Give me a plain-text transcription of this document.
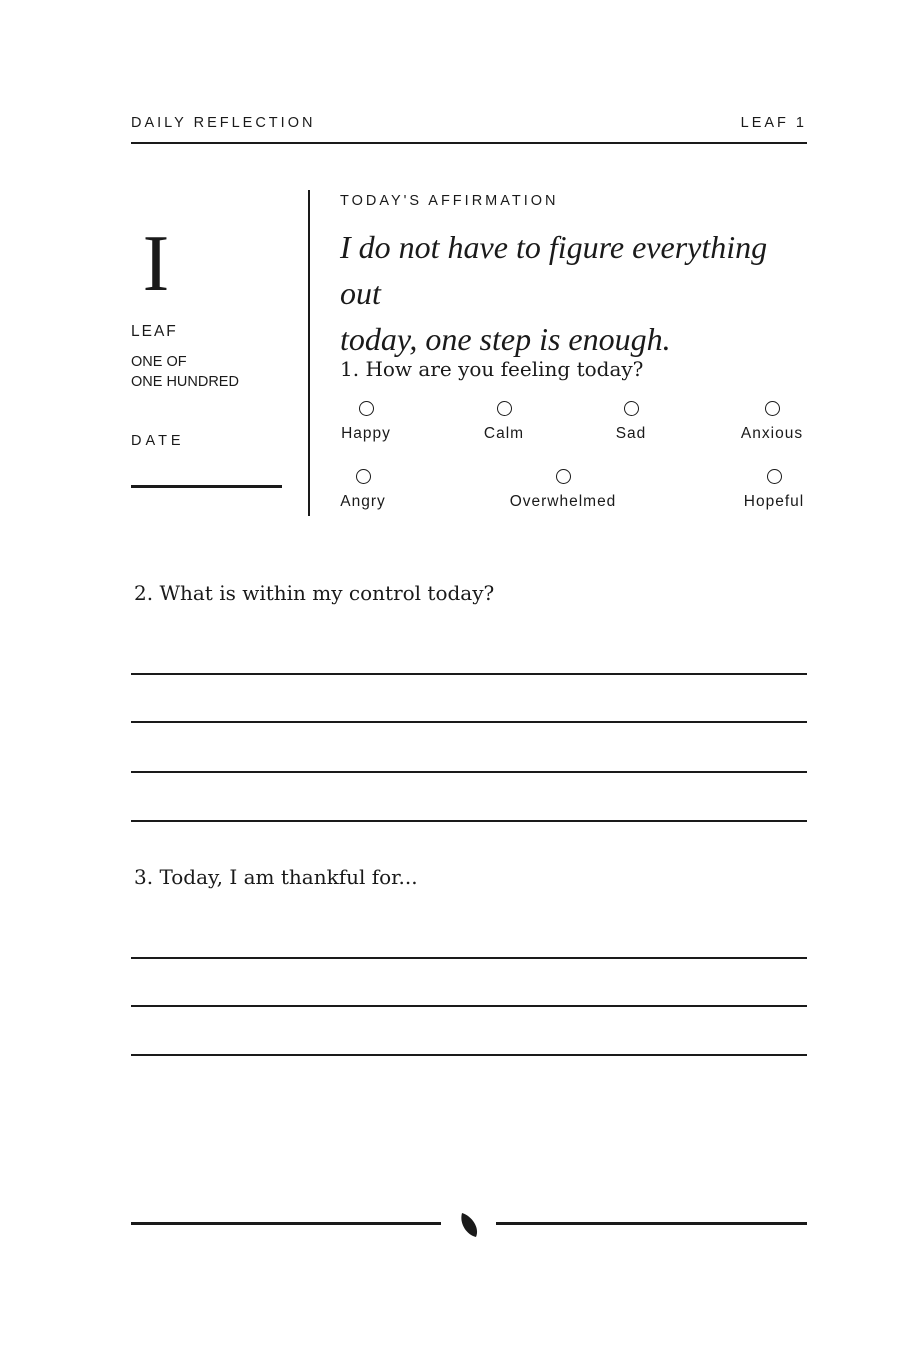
DAILY REFLECTION	LEAF 1
I
LEAF
ONE OF
ONE HUNDRED
DATE
TODAY'S AFFIRMATION
I do not have to figure everything out
today, one step is enough.
1. How are you feeling today?
Happy	Calm	Sad	Anxious
Angry	Overwhelmed	Hopeful
2. What is within my control today?
3. Today, I am thankful for...
